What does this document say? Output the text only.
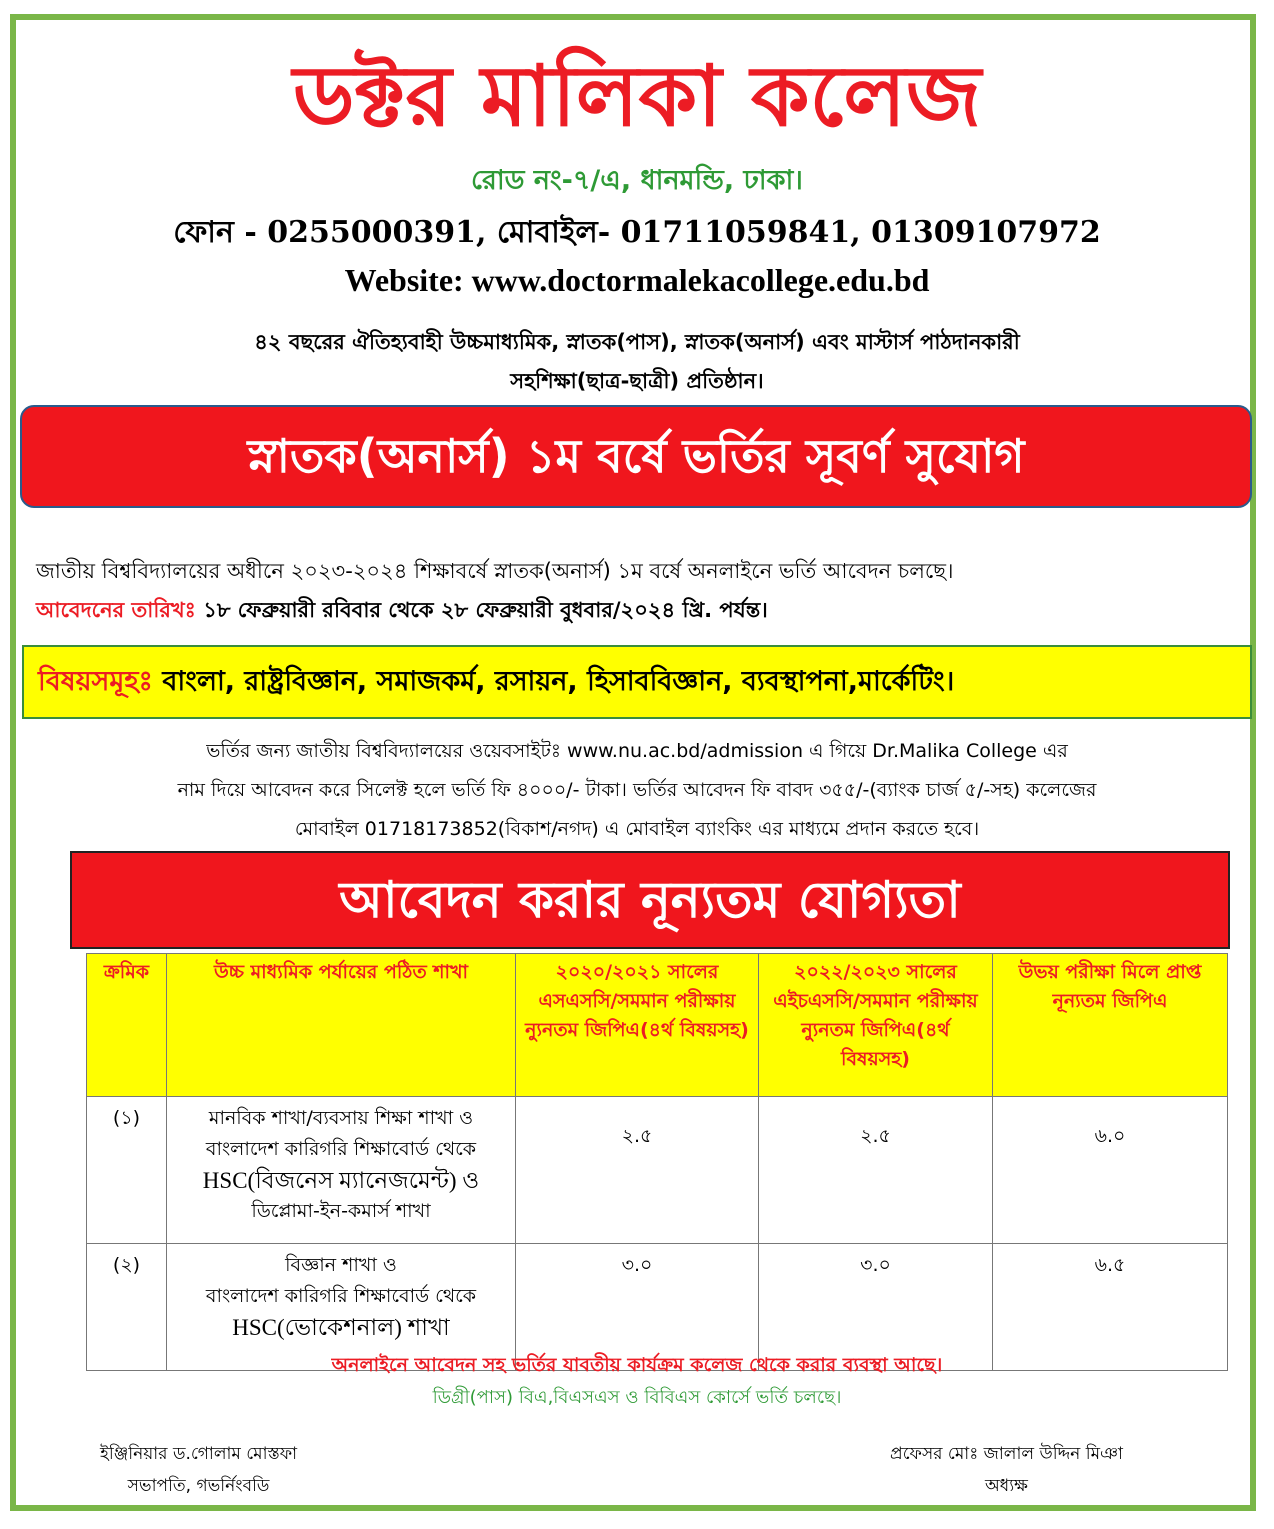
ডক্টর মালিকা কলেজ
রোড নং-৭/এ, ধানমন্ডি, ঢাকা।
ফোন - 0255000391, মোবাইল- 01711059841, 01309107972
Website: www.doctormalekacollege.edu.bd
৪২ বছরের ঐতিহ্যবাহী উচ্চমাধ্যমিক, স্নাতক(পাস), স্নাতক(অনার্স) এবং মাস্টার্স পাঠদানকারী
সহশিক্ষা(ছাত্র-ছাত্রী) প্রতিষ্ঠান।
স্নাতক(অনার্স) ১ম বর্ষে ভর্তির সূবর্ণ সুযোগ
জাতীয় বিশ্ববিদ্যালয়ের অধীনে ২০২৩-২০২৪ শিক্ষাবর্ষে স্নাতক(অনার্স) ১ম বর্ষে অনলাইনে ভর্তি আবেদন চলছে।
আবেদনের তারিখঃ ১৮ ফেব্রুয়ারী রবিবার থেকে ২৮ ফেব্রুয়ারী বুধবার/২০২৪ খ্রি. পর্যন্ত।
বিষয়সমূহঃ বাংলা, রাষ্ট্রবিজ্ঞান, সমাজকর্ম, রসায়ন, হিসাববিজ্ঞান, ব্যবস্থাপনা,মার্কেটিং।
ভর্তির জন্য জাতীয় বিশ্ববিদ্যালয়ের ওয়েবসাইটঃ www.nu.ac.bd/admission এ গিয়ে Dr.Malika College এর
নাম দিয়ে আবেদন করে সিলেক্ট হলে ভর্তি ফি ৪০০০/- টাকা। ভর্তির আবেদন ফি বাবদ ৩৫৫/-(ব্যাংক চার্জ ৫/-সহ) কলেজের
মোবাইল 01718173852(বিকাশ/নগদ) এ মোবাইল ব্যাংকিং এর মাধ্যমে প্রদান করতে হবে।
আবেদন করার নূন্যতম যোগ্যতা
ক্রমিক	উচ্চ মাধ্যমিক পর্যায়ের পঠিত শাখা	২০২০/২০২১ সালের এসএসসি/সমমান পরীক্ষায় ন্যুনতম জিপিএ(৪র্থ বিষয়সহ)	২০২২/২০২৩ সালের এইচএসসি/সমমান পরীক্ষায় ন্যুনতম জিপিএ(৪র্থ বিষয়সহ)	উভয় পরীক্ষা মিলে প্রাপ্ত নূন্যতম জিপিএ
(১)	মানবিক শাখা/ব্যবসায় শিক্ষা শাখা ও
বাংলাদেশ কারিগরি শিক্ষাবোর্ড থেকে
HSC(বিজনেস ম্যানেজমেন্ট) ও
ডিপ্লোমা-ইন-কমার্স শাখা	২.৫	২.৫	৬.০
(২)	বিজ্ঞান শাখা ও
বাংলাদেশ কারিগরি শিক্ষাবোর্ড থেকে
HSC(ভোকেশনাল) শাখা	৩.০	৩.০	৬.৫
অনলাইনে আবেদন সহ ভর্তির যাবতীয় কার্যক্রম কলেজ থেকে করার ব্যবস্থা আছে।
ডিগ্রী(পাস) বিএ,বিএসএস ও বিবিএস কোর্সে ভর্তি চলছে।
ইঞ্জিনিয়ার ড.গোলাম মোস্তফা
সভাপতি, গভর্নিংবডি
প্রফেসর মোঃ জালাল উদ্দিন মিঞা
অধ্যক্ষ
